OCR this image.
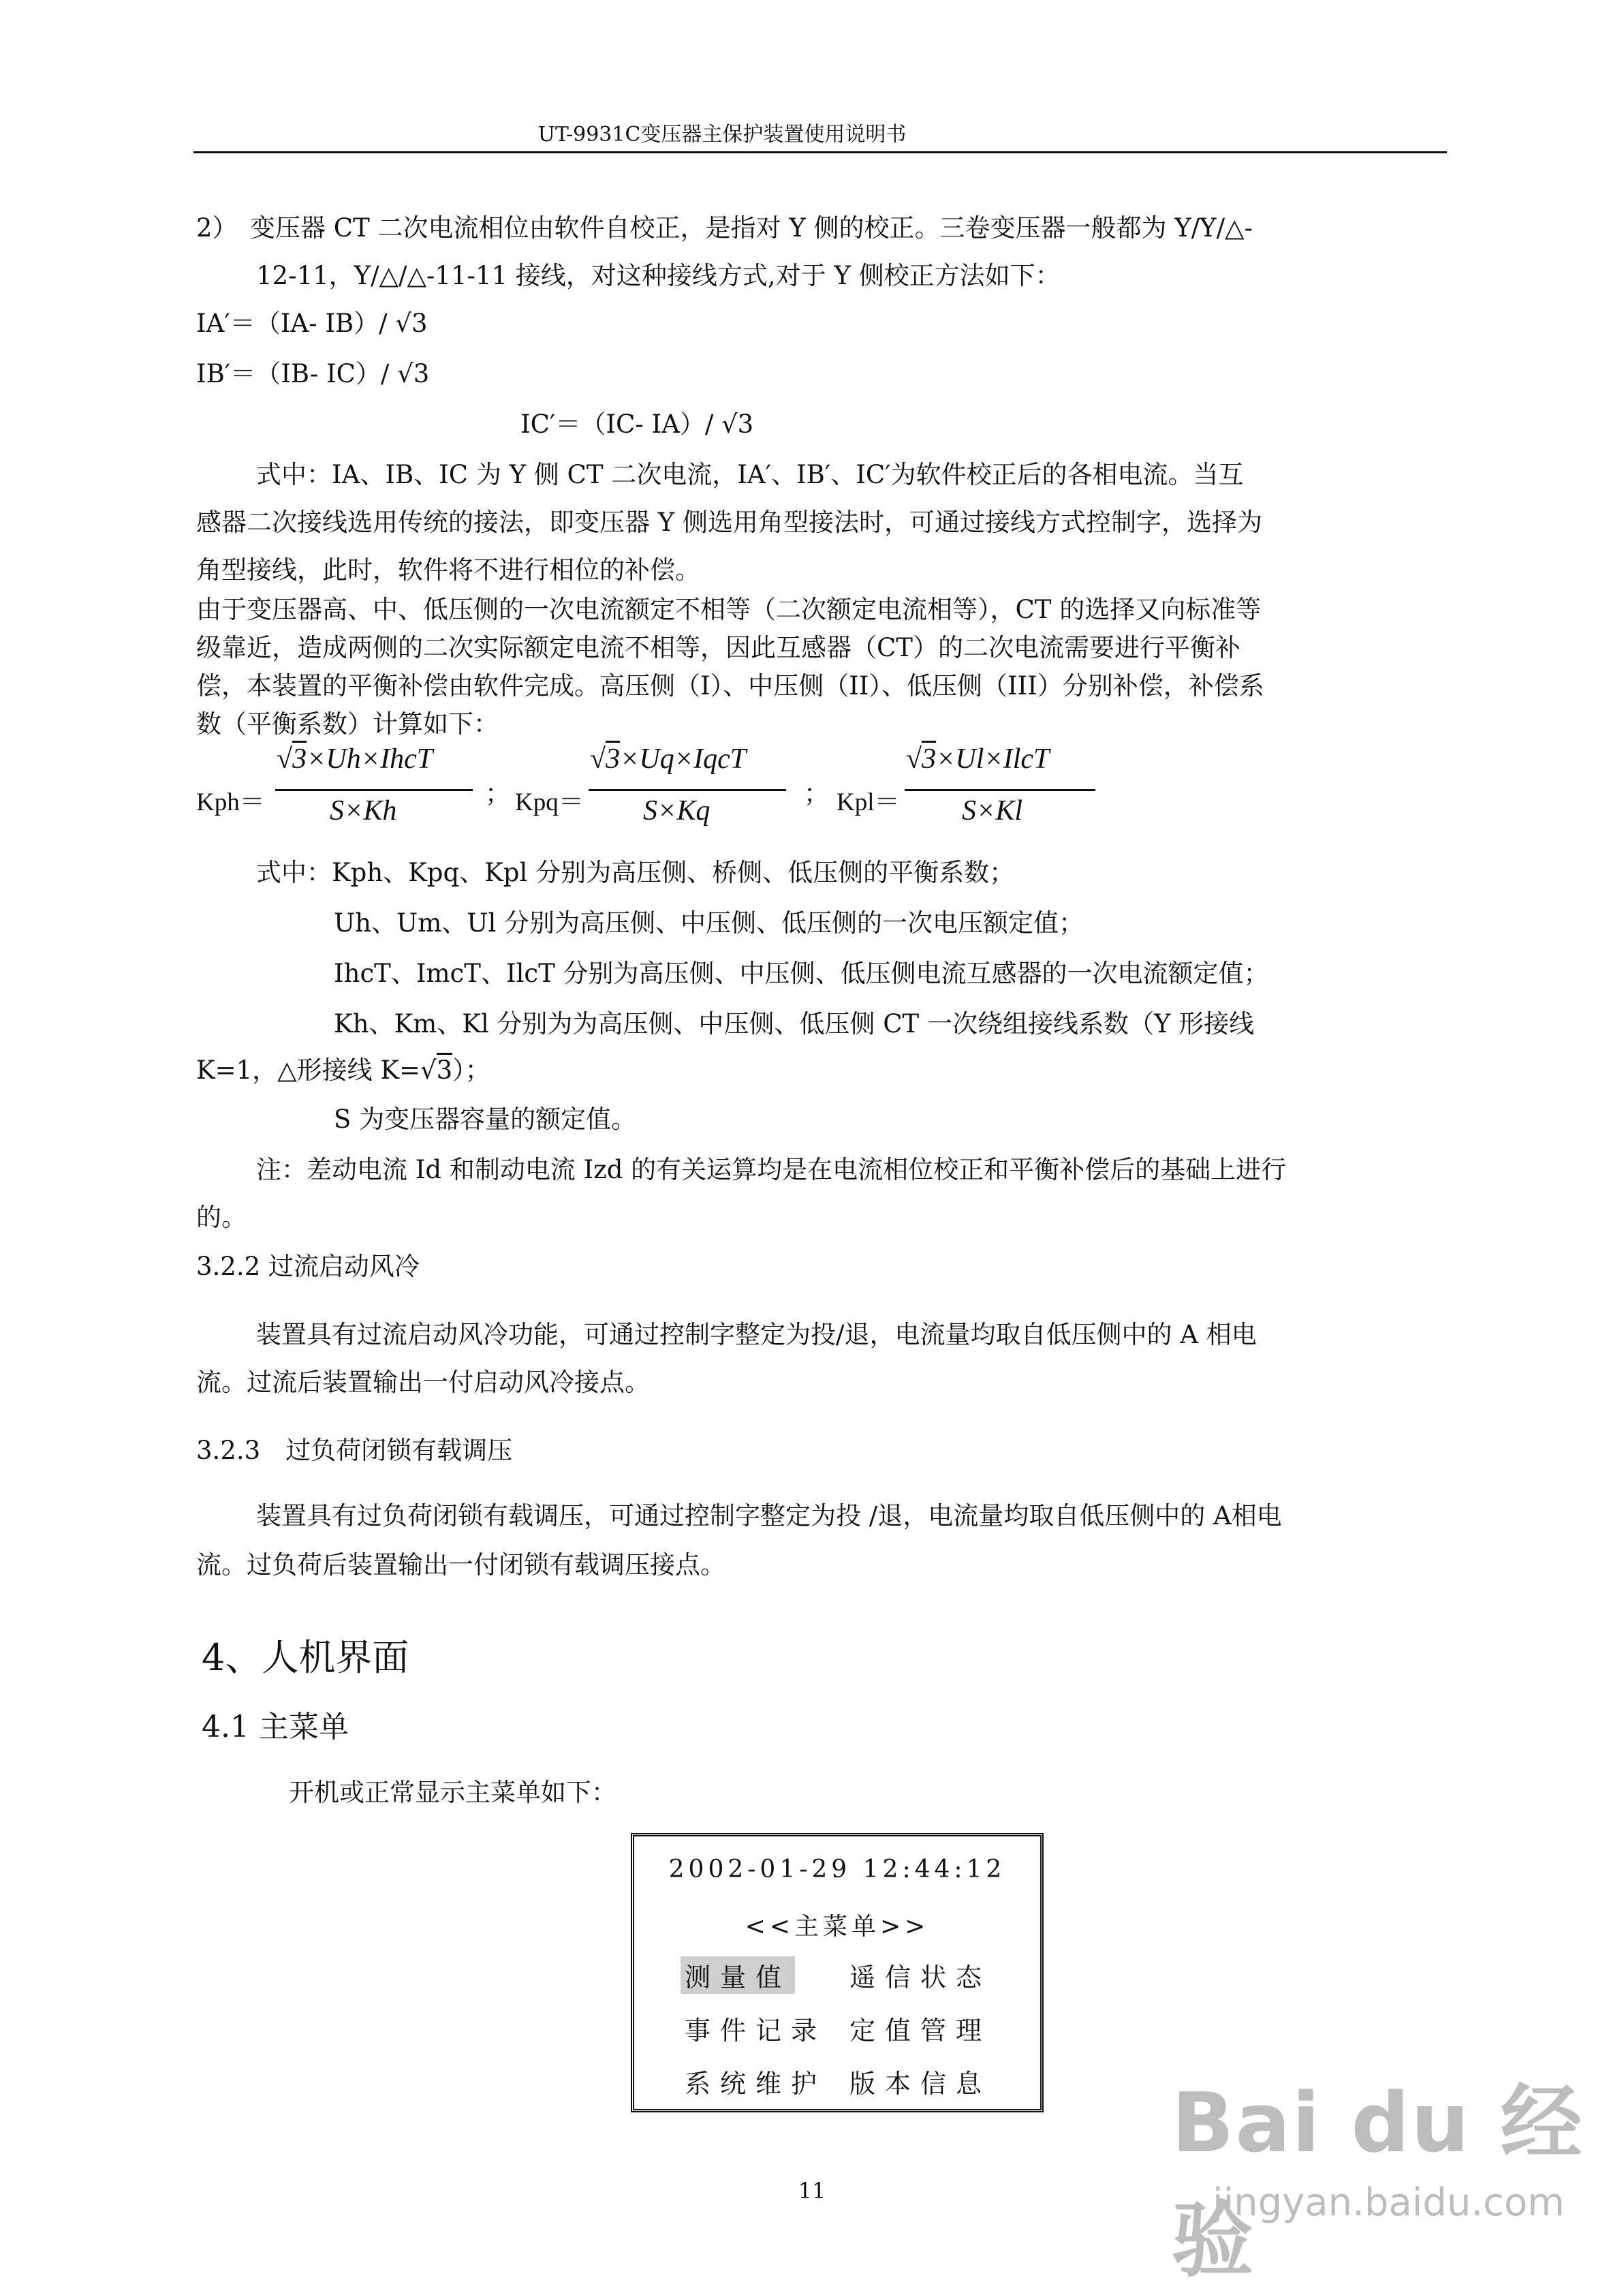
UT-9931C变压器主保护装置使用说明书
2）　变压器 CT 二次电流相位由软件自校正，是指对 Y 侧的校正。三卷变压器一般都为 Y/Y/△-
12-11，Y/△/△-11-11 接线，对这种接线方式,对于 Y 侧校正方法如下：
IA′＝（IA- IB）/ √3
IB′＝（IB- IC）/ √3
IC′＝（IC- IA）/ √3
式中：IA、IB、IC 为 Y 侧 CT 二次电流，IA′、IB′、IC′为软件校正后的各相电流。当互
感器二次接线选用传统的接法，即变压器 Y 侧选用角型接法时，可通过接线方式控制字，选择为
角型接线，此时，软件将不进行相位的补偿。
由于变压器高、中、低压侧的一次电流额定不相等（二次额定电流相等），CT 的选择又向标准等
级靠近，造成两侧的二次实际额定电流不相等，因此互感器（CT）的二次电流需要进行平衡补
偿，本装置的平衡补偿由软件完成。高压侧（I）、中压侧（II）、低压侧（III）分别补偿，补偿系
数（平衡系数）计算如下：
Kph＝
√3×Uh×IhcT
S×Kh
； Kpq＝
√3×Uq×IqcT
S×Kq
； Kpl＝
√3×Ul×IlcT
S×Kl
式中：Kph、Kpq、Kpl 分别为高压侧、桥侧、低压侧的平衡系数；
Uh、Um、Ul 分别为高压侧、中压侧、低压侧的一次电压额定值；
IhcT、ImcT、IlcT 分别为高压侧、中压侧、低压侧电流互感器的一次电流额定值；
Kh、Km、Kl 分别为为高压侧、中压侧、低压侧 CT 一次绕组接线系数（Y 形接线
K=1，△形接线 K=√3）；
S 为变压器容量的额定值。
注：差动电流 Id 和制动电流 Izd 的有关运算均是在电流相位校正和平衡补偿后的基础上进行
的。
3.2.2 过流启动风冷
装置具有过流启动风冷功能，可通过控制字整定为投/退，电流量均取自低压侧中的 A 相电
流。过流后装置输出一付启动风冷接点。
3.2.3　过负荷闭锁有载调压
装置具有过负荷闭锁有载调压，可通过控制字整定为投 /退，电流量均取自低压侧中的 A相电
流。过负荷后装置输出一付闭锁有载调压接点。
4、人机界面
4.1 主菜单
开机或正常显示主菜单如下：
2002-01-29 12:44:12
<<主菜单>>
测量值 遥信状态
事件记录 定值管理
系统维护 版本信息
11
Bai du 经验
jingyan.baidu.com
